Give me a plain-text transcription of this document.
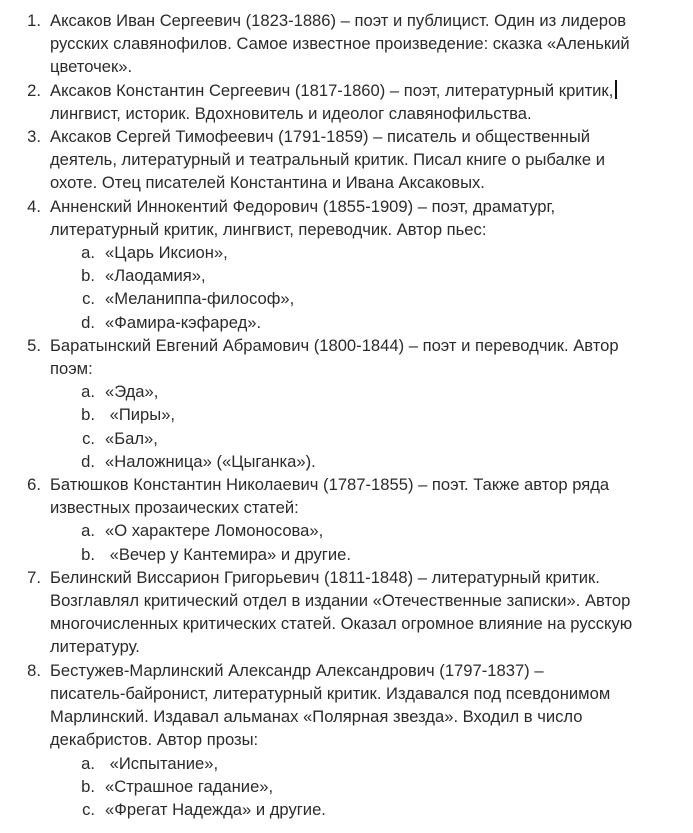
1. Аксаков Иван Сергеевич (1823-1886) – поэт и публицист. Один из лидеров
русских славянофилов. Самое известное произведение: сказка «Аленький
цветочек».
2. Аксаков Константин Сергеевич (1817-1860) – поэт, литературный критик,
лингвист, историк. Вдохновитель и идеолог славянофильства.
3. Аксаков Сергей Тимофеевич (1791-1859) – писатель и общественный
деятель, литературный и театральный критик. Писал книге о рыбалке и
охоте. Отец писателей Константина и Ивана Аксаковых.
4. Анненский Иннокентий Федорович (1855-1909) – поэт, драматург,
литературный критик, лингвист, переводчик. Автор пьес:
a. «Царь Иксион»,
b. «Лаодамия»,
c. «Меланиппа-философ»,
d. «Фамира-кэфаред».
5. Баратынский Евгений Абрамович (1800-1844) – поэт и переводчик. Автор
поэм:
a. «Эда»,
b. «Пиры»,
c. «Бал»,
d. «Наложница» («Цыганка»).
6. Батюшков Константин Николаевич (1787-1855) – поэт. Также автор ряда
известных прозаических статей:
a. «О характере Ломоносова»,
b. «Вечер у Кантемира» и другие.
7. Белинский Виссарион Григорьевич (1811-1848) – литературный критик.
Возглавлял критический отдел в издании «Отечественные записки». Автор
многочисленных критических статей. Оказал огромное влияние на русскую
литературу.
8. Бестужев-Марлинский Александр Александрович (1797-1837) –
писатель-байронист, литературный критик. Издавался под псевдонимом
Марлинский. Издавал альманах «Полярная звезда». Входил в число
декабристов. Автор прозы:
a. «Испытание»,
b. «Страшное гадание»,
c. «Фрегат Надежда» и другие.
